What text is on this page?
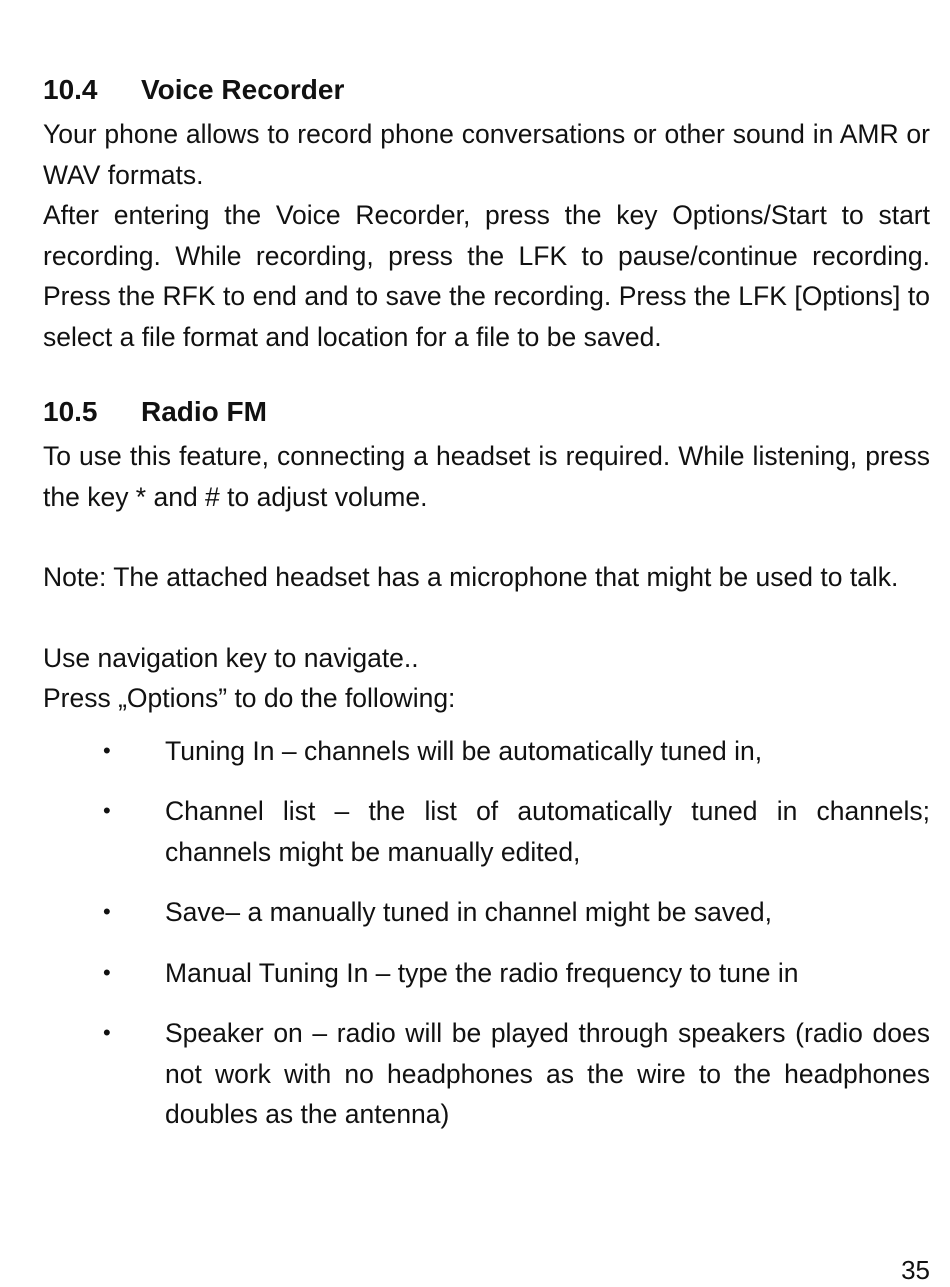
10.4	Voice Recorder

Your phone allows to record phone conversations or other sound in AMR or WAV formats.

After entering the Voice Recorder, press the key Options/Start to start recording. While recording, press the LFK to pause/continue recording. Press the RFK to end and to save the recording. Press the LFK [Options] to select a file format and location for a file to be saved.

10.5	Radio FM

To use this feature, connecting a headset is required. While listening, press the key * and # to adjust volume.

Note: The attached headset has a microphone that might be used to talk.

Use navigation key to navigate..

Press „Options” to do the following:

•	Tuning In – channels will be automatically tuned in,
•	Channel list – the list of automatically tuned in channels; channels might be manually edited,
•	Save– a manually tuned in channel might be saved,
•	Manual Tuning In – type the radio frequency to tune in
•	Speaker on – radio will be played through speakers (radio does not work with no headphones as the wire to the headphones doubles as the antenna)
35
